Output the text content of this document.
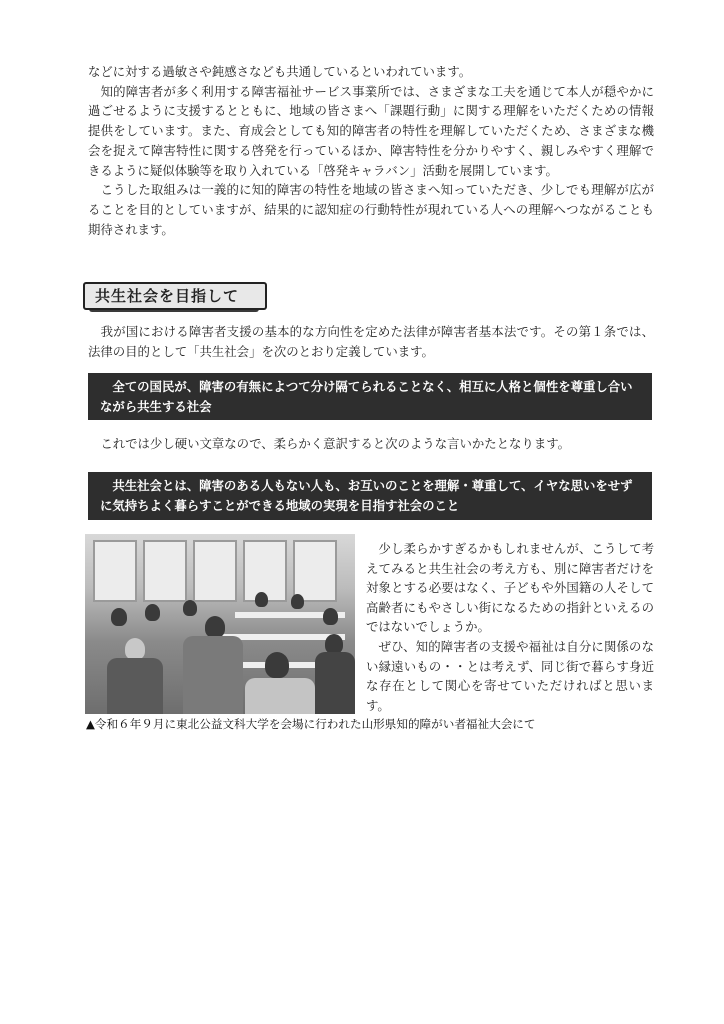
などに対する過敏さや鈍感さなども共通しているといわれています。
　知的障害者が多く利用する障害福祉サービス事業所では、さまざまな工夫を通じて本人が穏やかに過ごせるように支援するとともに、地域の皆さまへ「課題行動」に関する理解をいただくための情報提供をしています。また、育成会としても知的障害者の特性を理解していただくため、さまざまな機会を捉えて障害特性に関する啓発を行っているほか、障害特性を分かりやすく、親しみやすく理解できるように疑似体験等を取り入れている「啓発キャラバン」活動を展開しています。
　こうした取組みは一義的に知的障害の特性を地域の皆さまへ知っていただき、少しでも理解が広がることを目的としていますが、結果的に認知症の行動特性が現れている人への理解へつながることも期待されます。

共生社会を目指して

　我が国における障害者支援の基本的な方向性を定めた法律が障害者基本法です。その第１条では、法律の目的として「共生社会」を次のとおり定義しています。

　全ての国民が、障害の有無によつて分け隔てられることなく、相互に人格と個性を尊重し合いながら共生する社会

　これでは少し硬い文章なので、柔らかく意訳すると次のような言いかたとなります。

　共生社会とは、障害のある人もない人も、お互いのことを理解・尊重して、イヤな思いをせずに気持ちよく暮らすことができる地域の実現を目指す社会のこと

　少し柔らかすぎるかもしれませんが、こうして考えてみると共生社会の考え方も、別に障害者だけを対象とする必要はなく、子どもや外国籍の人そして高齢者にもやさしい街になるための指針といえるのではないでしょうか。
　ぜひ、知的障害者の支援や福祉は自分に関係のない縁遠いもの・・とは考えず、同じ街で暮らす身近な存在として関心を寄せていただければと思います。

▲令和６年９月に東北公益文科大学を会場に行われた山形県知的障がい者福祉大会にて
